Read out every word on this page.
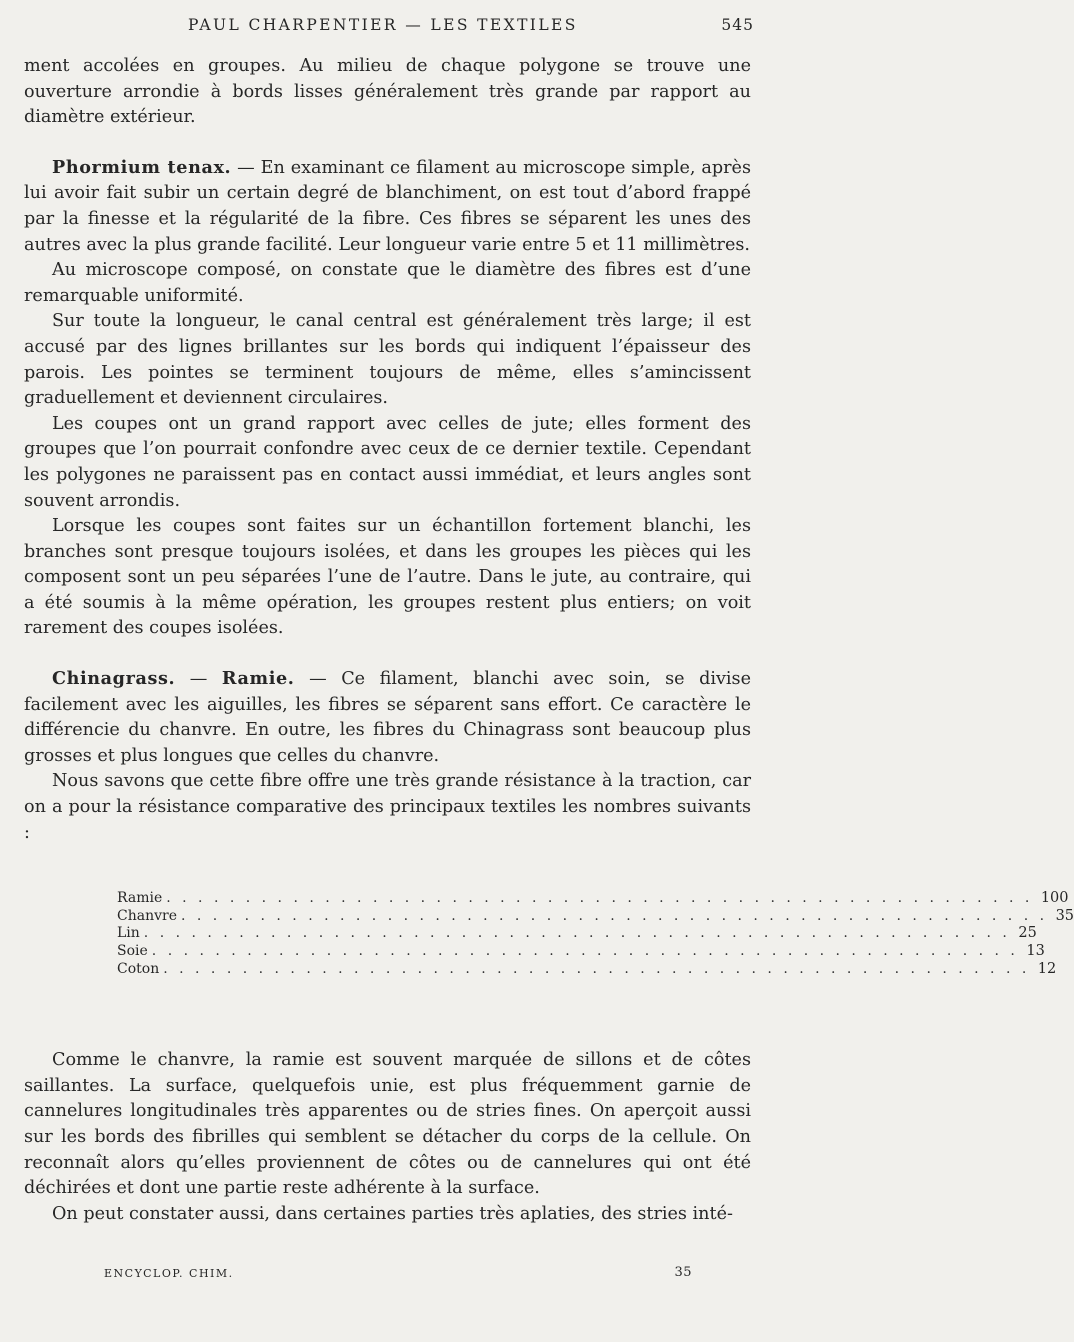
PAUL CHARPENTIER — LES TEXTILES	545

ment accolées en groupes. Au milieu de chaque polygone se trouve une ouverture arrondie à bords lisses généralement très grande par rapport au diamètre extérieur.

Phormium tenax. — En examinant ce filament au microscope simple, après lui avoir fait subir un certain degré de blanchiment, on est tout d’abord frappé par la finesse et la régularité de la fibre. Ces fibres se séparent les unes des autres avec la plus grande facilité. Leur longueur varie entre 5 et 11 millimètres.

Au microscope composé, on constate que le diamètre des fibres est d’une remarquable uniformité.

Sur toute la longueur, le canal central est généralement très large; il est accusé par des lignes brillantes sur les bords qui indiquent l’épaisseur des parois. Les pointes se terminent toujours de même, elles s’amincissent graduellement et deviennent circulaires.

Les coupes ont un grand rapport avec celles de jute; elles forment des groupes que l’on pourrait confondre avec ceux de ce dernier textile. Cependant les polygones ne paraissent pas en contact aussi immédiat, et leurs angles sont souvent arrondis.

Lorsque les coupes sont faites sur un échantillon fortement blanchi, les branches sont presque toujours isolées, et dans les groupes les pièces qui les composent sont un peu séparées l’une de l’autre. Dans le jute, au contraire, qui a été soumis à la même opération, les groupes restent plus entiers; on voit rarement des coupes isolées.

Chinagrass. — Ramie. — Ce filament, blanchi avec soin, se divise facilement avec les aiguilles, les fibres se séparent sans effort. Ce caractère le différencie du chanvre. En outre, les fibres du Chinagrass sont beaucoup plus grosses et plus longues que celles du chanvre.

Nous savons que cette fibre offre une très grande résistance à la traction, car on a pour la résistance comparative des principaux textiles les nombres suivants :

Ramie . . . . . . . . . . . . . . . . . . . . . . . . . . . . . . . . . . . . . . . . . . . . . . . . . . . . . . . 100
Chanvre . . . . . . . . . . . . . . . . . . . . . . . . . . . . . . . . . . . . . . . . . . . . . . . . . . . . . . . 35
Lin . . . . . . . . . . . . . . . . . . . . . . . . . . . . . . . . . . . . . . . . . . . . . . . . . . . . . . . 25
Soie . . . . . . . . . . . . . . . . . . . . . . . . . . . . . . . . . . . . . . . . . . . . . . . . . . . . . . . 13
Coton . . . . . . . . . . . . . . . . . . . . . . . . . . . . . . . . . . . . . . . . . . . . . . . . . . . . . . . 12

Comme le chanvre, la ramie est souvent marquée de sillons et de côtes saillantes. La surface, quelquefois unie, est plus fréquemment garnie de cannelures longitudinales très apparentes ou de stries fines. On aperçoit aussi sur les bords des fibrilles qui semblent se détacher du corps de la cellule. On reconnaît alors qu’elles proviennent de côtes ou de cannelures qui ont été déchirées et dont une partie reste adhérente à la surface.

On peut constater aussi, dans certaines parties très aplaties, des stries inté-

ENCYCLOP. CHIM.	35
